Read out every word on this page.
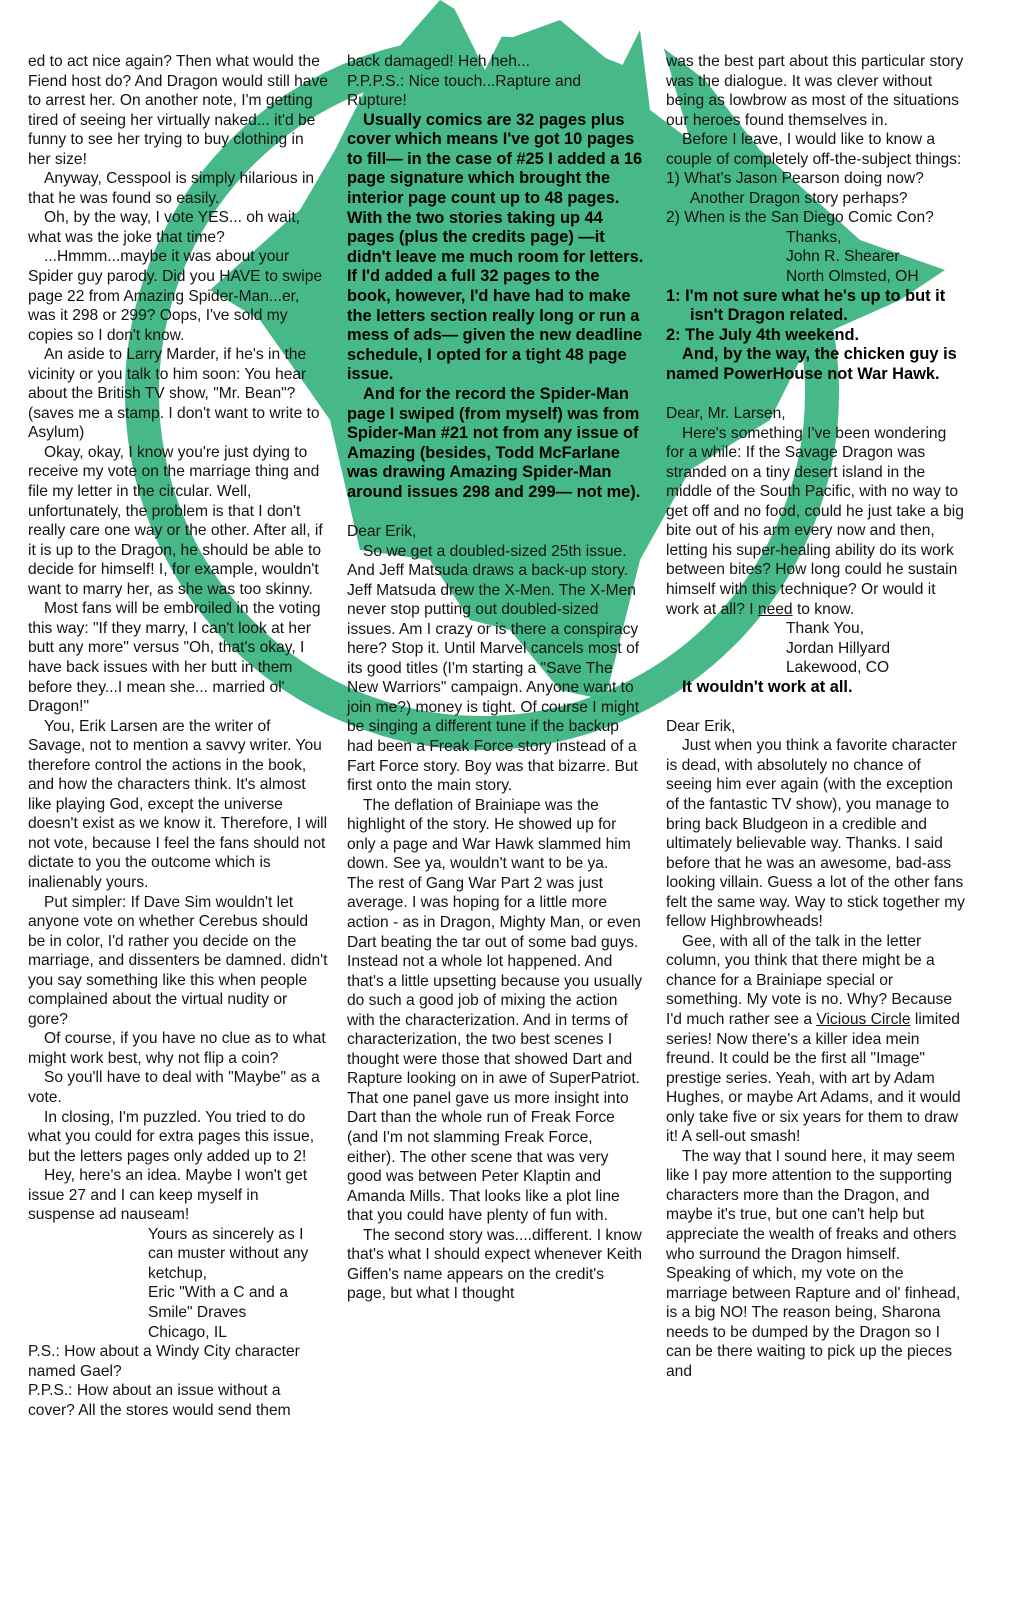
ed to act nice again? Then what would the Fiend host do? And Dragon would still have to arrest her. On another note, I'm getting tired of seeing her virtually naked... it'd be funny to see her trying to buy clothing in her size!

Anyway, Cesspool is simply hilarious in that he was found so easily.

Oh, by the way, I vote YES... oh wait, what was the joke that time?

...Hmmm...maybe it was about your Spider guy parody. Did you HAVE to swipe page 22 from Amazing Spider-Man...er, was it 298 or 299? Oops, I've sold my copies so I don't know.

An aside to Larry Marder, if he's in the vicinity or you talk to him soon: You hear about the British TV show, "Mr. Bean"? (saves me a stamp. I don't want to write to Asylum)

Okay, okay, I know you're just dying to receive my vote on the marriage thing and file my letter in the circular. Well, unfortunately, the problem is that I don't really care one way or the other. After all, if it is up to the Dragon, he should be able to decide for himself! I, for example, wouldn't want to marry her, as she was too skinny.

Most fans will be embroiled in the voting this way: "If they marry, I can't look at her butt any more" versus "Oh, that's okay, I have back issues with her butt in them before they...I mean she... married ol' Dragon!"

You, Erik Larsen are the writer of Savage, not to mention a savvy writer. You therefore control the actions in the book, and how the characters think. It's almost like playing God, except the universe doesn't exist as we know it. Therefore, I will not vote, because I feel the fans should not dictate to you the outcome which is inalienably yours.

Put simpler: If Dave Sim wouldn't let anyone vote on whether Cerebus should be in color, I'd rather you decide on the marriage, and dissenters be damned. didn't you say something like this when people complained about the virtual nudity or gore?

Of course, if you have no clue as to what might work best, why not flip a coin?

So you'll have to deal with "Maybe" as a vote.

In closing, I'm puzzled. You tried to do what you could for extra pages this issue, but the letters pages only added up to 2!

Hey, here's an idea. Maybe I won't get issue 27 and I can keep myself in suspense ad nauseam!

Yours as sincerely as I can muster without any ketchup,

Eric "With a C and a Smile" Draves

Chicago, IL

P.S.: How about a Windy City character named Gael?

P.P.S.: How about an issue without a cover? All the stores would send them

back damaged! Heh heh...

P.P.P.S.: Nice touch...Rapture and Rupture!

Usually comics are 32 pages plus cover which means I've got 10 pages to fill— in the case of #25 I added a 16 page signature which brought the interior page count up to 48 pages. With the two stories taking up 44 pages (plus the credits page) —it didn't leave me much room for letters. If I'd added a full 32 pages to the book, however, I'd have had to make the letters section really long or run a mess of ads— given the new deadline schedule, I opted for a tight 48 page issue.

And for the record the Spider-Man page I swiped (from myself) was from Spider-Man #21 not from any issue of Amazing (besides, Todd McFarlane was drawing Amazing Spider-Man around issues 298 and 299— not me).

Dear Erik,

So we get a doubled-sized 25th issue. And Jeff Matsuda draws a back-up story. Jeff Matsuda drew the X-Men. The X-Men never stop putting out doubled-sized issues. Am I crazy or is there a conspiracy here? Stop it. Until Marvel cancels most of its good titles (I'm starting a "Save The New Warriors" campaign. Anyone want to join me?) money is tight. Of course I might be singing a different tune if the backup had been a Freak Force story instead of a Fart Force story. Boy was that bizarre. But first onto the main story.

The deflation of Brainiape was the highlight of the story. He showed up for only a page and War Hawk slammed him down. See ya, wouldn't want to be ya.

The rest of Gang War Part 2 was just average. I was hoping for a little more action - as in Dragon, Mighty Man, or even Dart beating the tar out of some bad guys. Instead not a whole lot happened. And that's a little upsetting because you usually do such a good job of mixing the action with the characterization. And in terms of characterization, the two best scenes I thought were those that showed Dart and Rapture looking on in awe of SuperPatriot. That one panel gave us more insight into Dart than the whole run of Freak Force (and I'm not slamming Freak Force, either). The other scene that was very good was between Peter Klaptin and Amanda Mills. That looks like a plot line that you could have plenty of fun with.

The second story was....different. I know that's what I should expect whenever Keith Giffen's name appears on the credit's page, but what I thought

was the best part about this particular story was the dialogue. It was clever without being as lowbrow as most of the situations our heroes found themselves in.

Before I leave, I would like to know a couple of completely off-the-subject things:

1) What's Jason Pearson doing now? Another Dragon story perhaps?

2) When is the San Diego Comic Con?

Thanks,

John R. Shearer

North Olmsted, OH

1: I'm not sure what he's up to but it isn't Dragon related.

2: The July 4th weekend.

And, by the way, the chicken guy is named PowerHouse not War Hawk.

Dear, Mr. Larsen,

Here's something I've been wondering for a while: If the Savage Dragon was stranded on a tiny desert island in the middle of the South Pacific, with no way to get off and no food, could he just take a big bite out of his arm every now and then, letting his super-healing ability do its work between bites? How long could he sustain himself with this technique? Or would it work at all? I need to know.

Thank You,

Jordan Hillyard

Lakewood, CO

It wouldn't work at all.

Dear Erik,

Just when you think a favorite character is dead, with absolutely no chance of seeing him ever again (with the exception of the fantastic TV show), you manage to bring back Bludgeon in a credible and ultimately believable way. Thanks. I said before that he was an awesome, bad-ass looking villain. Guess a lot of the other fans felt the same way. Way to stick together my fellow Highbrowheads!

Gee, with all of the talk in the letter column, you think that there might be a chance for a Brainiape special or something. My vote is no. Why? Because I'd much rather see a Vicious Circle limited series! Now there's a killer idea mein freund. It could be the first all "Image" prestige series. Yeah, with art by Adam Hughes, or maybe Art Adams, and it would only take five or six years for them to draw it! A sell-out smash!

The way that I sound here, it may seem like I pay more attention to the supporting characters more than the Dragon, and maybe it's true, but one can't help but appreciate the wealth of freaks and others who surround the Dragon himself. Speaking of which, my vote on the marriage between Rapture and ol' finhead, is a big NO! The reason being, Sharona needs to be dumped by the Dragon so I can be there waiting to pick up the pieces and
